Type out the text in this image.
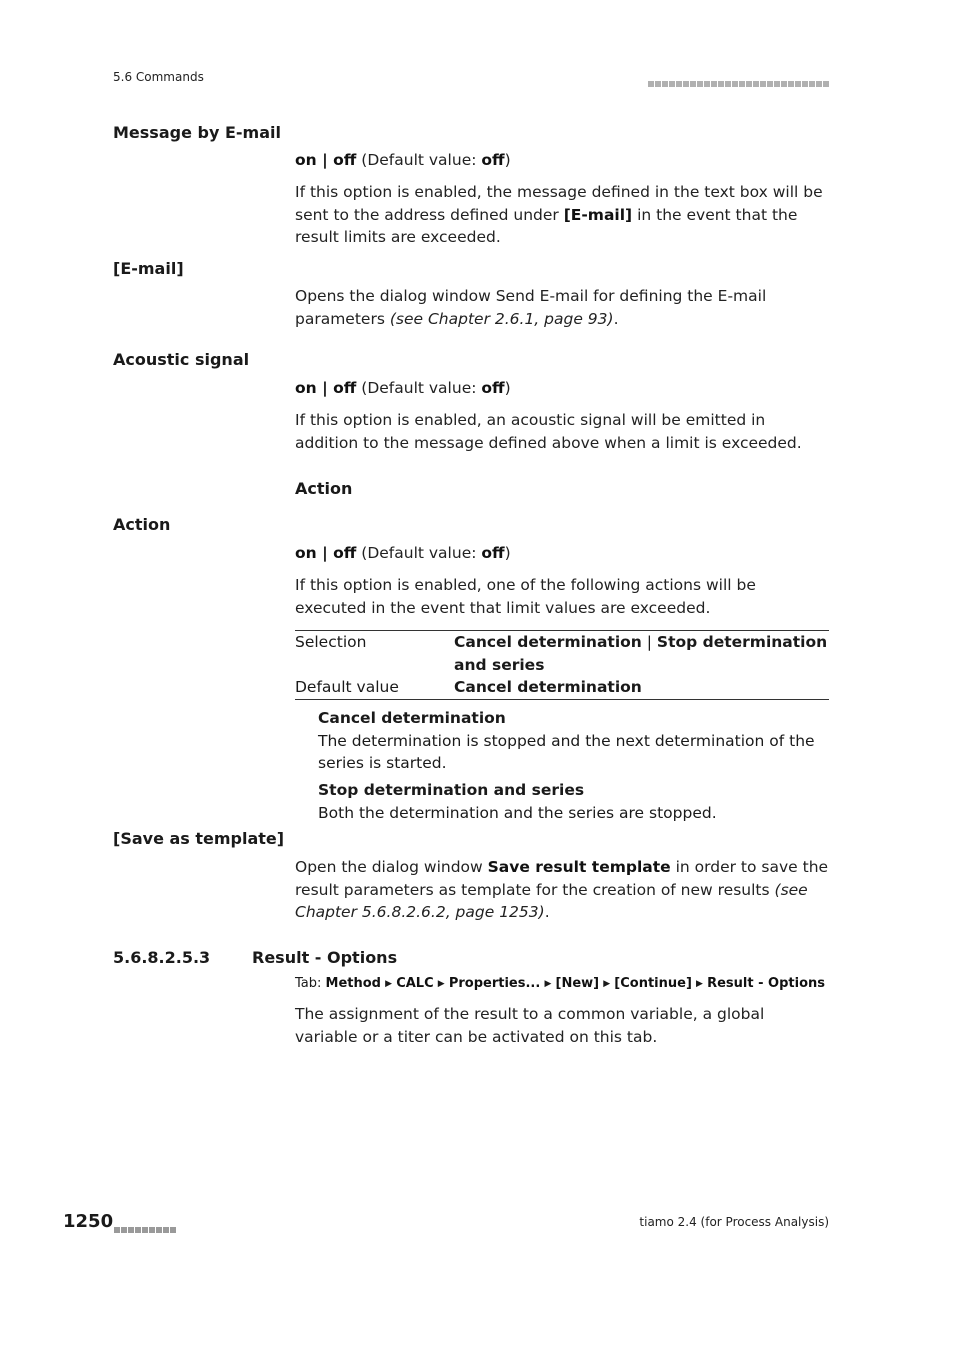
5.6 Commands
Message by E-mail
on | off (Default value: off)
If this option is enabled, the message defined in the text box will be sent to the address defined under [E-mail] in the event that the result limits are exceeded.
[E-mail]
Opens the dialog window Send E-mail for defining the E-mail parameters (see Chapter 2.6.1, page 93).
Acoustic signal
on | off (Default value: off)
If this option is enabled, an acoustic signal will be emitted in addition to the message defined above when a limit is exceeded.
Action
Action
on | off (Default value: off)
If this option is enabled, one of the following actions will be executed in the event that limit values are exceeded.
Selection	Cancel determination | Stop determination and series
Default value	Cancel determination
Cancel determination
The determination is stopped and the next determination of the series is started.
Stop determination and series
Both the determination and the series are stopped.
[Save as template]
Open the dialog window Save result template in order to save the result parameters as template for the creation of new results (see Chapter 5.6.8.2.6.2, page 1253).
5.6.8.2.5.3	Result - Options
Tab: Method ▶ CALC ▶ Properties... ▶ [New] ▶ [Continue] ▶ Result - Options
The assignment of the result to a common variable, a global variable or a titer can be activated on this tab.
1250	tiamo 2.4 (for Process Analysis)
